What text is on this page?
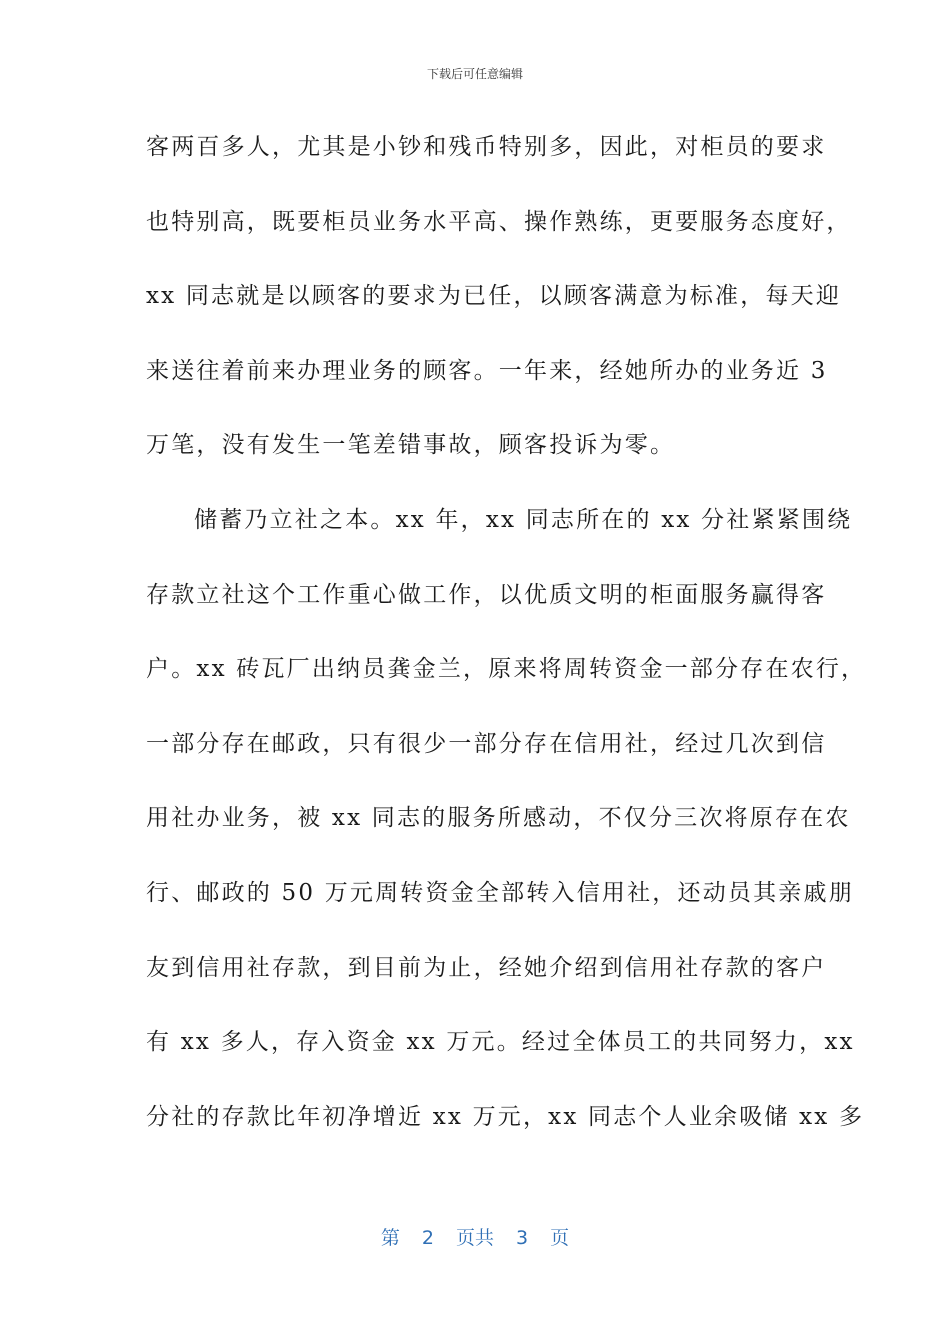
下载后可任意编辑
客两百多人，尤其是小钞和残币特别多，因此，对柜员的要求
也特别高，既要柜员业务水平高、操作熟练，更要服务态度好，
xx 同志就是以顾客的要求为已任，以顾客满意为标准，每天迎
来送往着前来办理业务的顾客。一年来，经她所办的业务近 3
万笔，没有发生一笔差错事故，顾客投诉为零。
储蓄乃立社之本。xx 年，xx 同志所在的 xx 分社紧紧围绕
存款立社这个工作重心做工作，以优质文明的柜面服务赢得客
户。xx 砖瓦厂出纳员龚金兰，原来将周转资金一部分存在农行，
一部分存在邮政，只有很少一部分存在信用社，经过几次到信
用社办业务，被 xx 同志的服务所感动，不仅分三次将原存在农
行、邮政的 50 万元周转资金全部转入信用社，还动员其亲戚朋
友到信用社存款，到目前为止，经她介绍到信用社存款的客户
有 xx 多人，存入资金 xx 万元。经过全体员工的共同努力，xx
分社的存款比年初净增近 xx 万元，xx 同志个人业余吸储 xx 多
第 2 页共 3 页
